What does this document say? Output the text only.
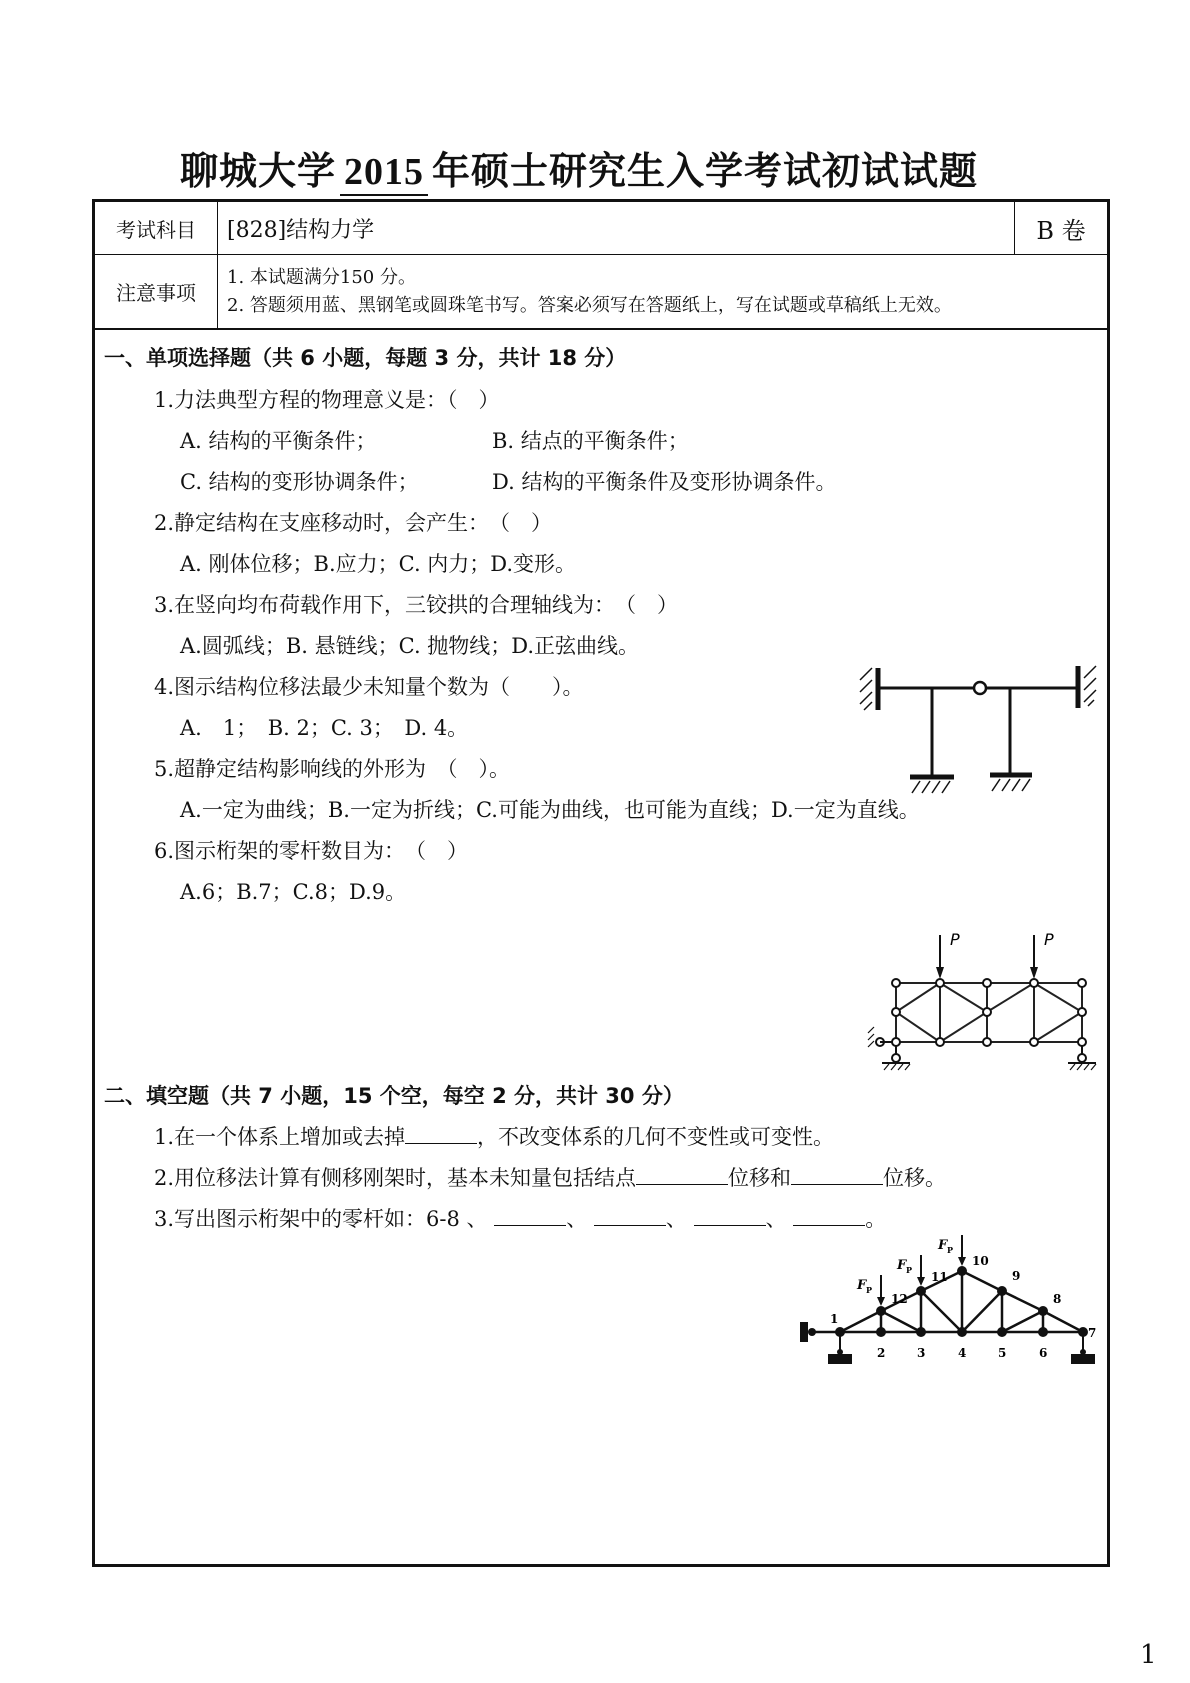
聊城大学 2015 年硕士研究生入学考试初试试题
考试科目	[828]结构力学	B 卷
注意事项
1. 本试题满分150 分。
2. 答题须用蓝、黑钢笔或圆珠笔书写。答案必须写在答题纸上，写在试题或草稿纸上无效。
一、单项选择题（共 6 小题，每题 3 分，共计 18 分）
1.力法典型方程的物理意义是：（　）
A. 结构的平衡条件；	B. 结点的平衡条件；
C. 结构的变形协调条件；	D. 结构的平衡条件及变形协调条件。
2.静定结构在支座移动时，会产生：　（　）
A. 刚体位移；B.应力；C. 内力；D.变形。
3.在竖向均布荷载作用下，三铰拱的合理轴线为：　（　）
A.圆弧线；B. 悬链线；C. 抛物线；D.正弦曲线。
4.图示结构位移法最少未知量个数为（　　）。
A.　1；　B. 2；C. 3；　D. 4。
5.超静定结构影响线的外形为　（　）。
A.一定为曲线；B.一定为折线；C.可能为曲线，也可能为直线；D.一定为直线。
6.图示桁架的零杆数目为：　（　）
A.6；B.7；C.8；D.9。
P	P
二、填空题（共 7 小题，15 个空，每空 2 分，共计 30 分）
1.在一个体系上增加或去掉	，不改变体系的几何不变性或可变性。
2.用位移法计算有侧移刚架时，基本未知量包括结点	位移和	位移。
3.写出图示桁架中的零杆如：6-8 、	、	、	、	。
F P
F P
F P
1
2	3	4	5	6
7
8
9
10
11
12
1
